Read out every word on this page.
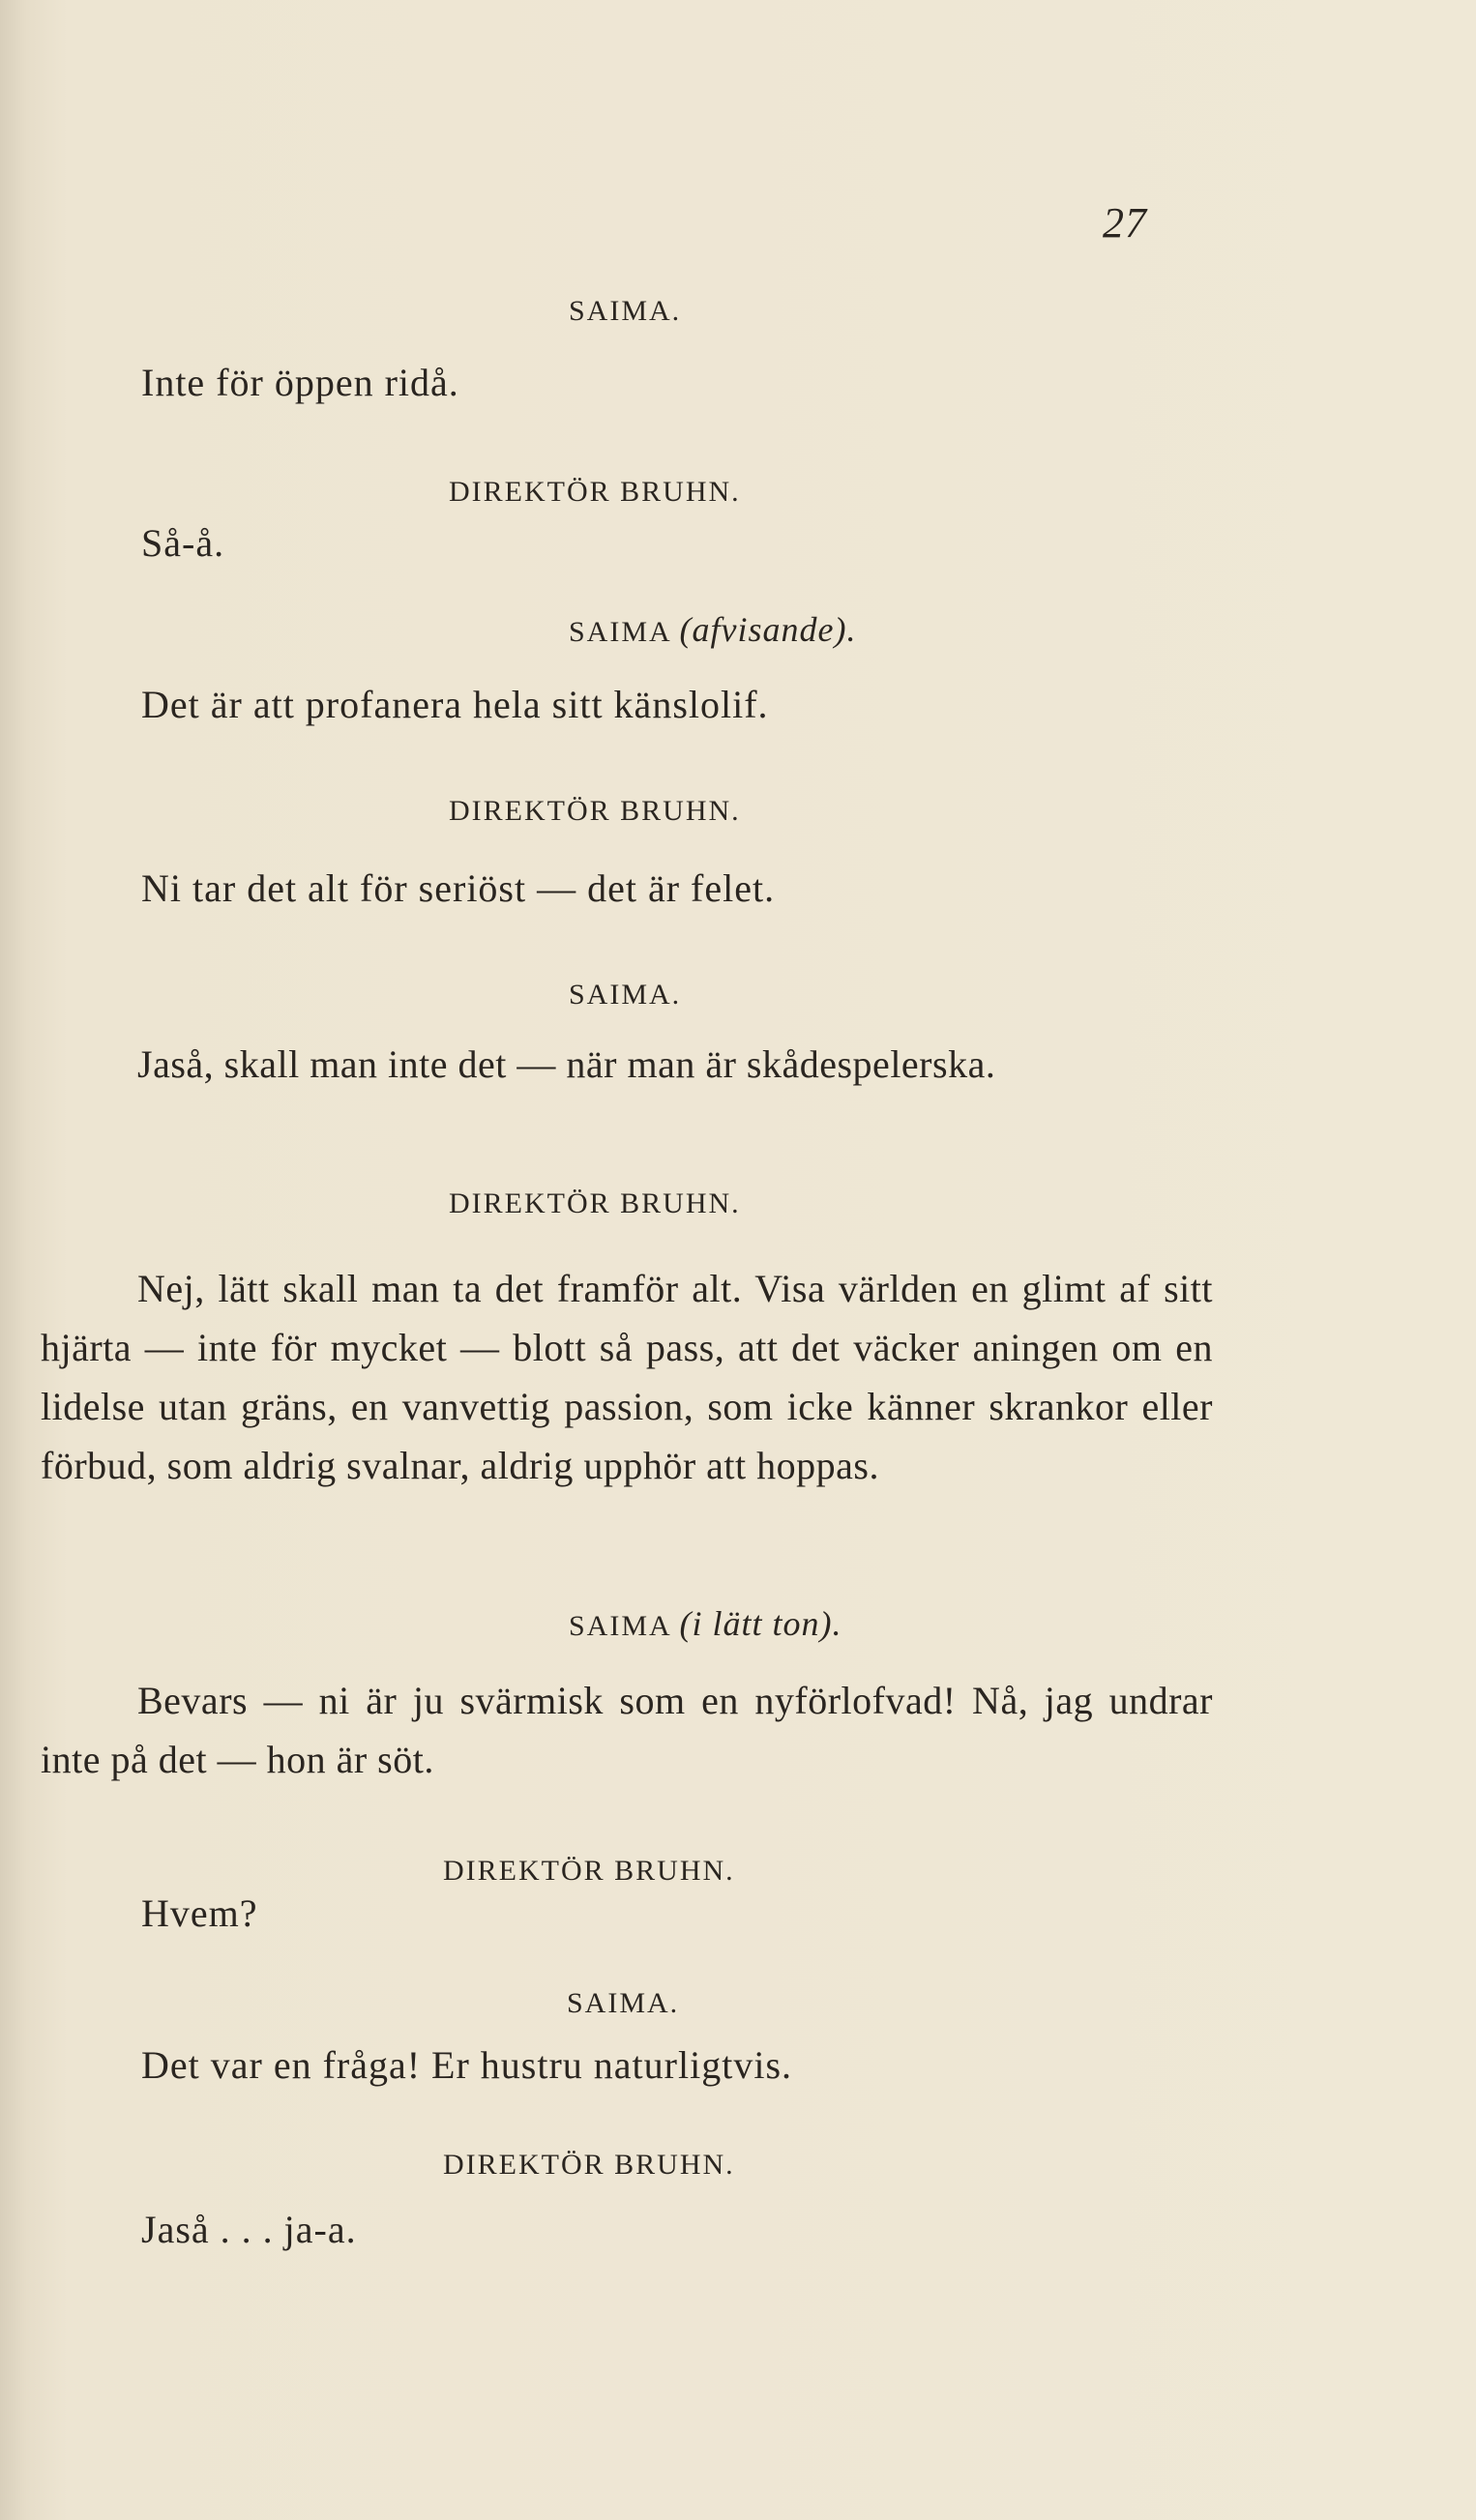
27
SAIMA.
Inte för öppen ridå.
DIREKTÖR BRUHN.
Så-å.
SAIMA (afvisande).
Det är att profanera hela sitt känslolif.
DIREKTÖR BRUHN.
Ni tar det alt för seriöst — det är felet.
SAIMA.
Jaså, skall man inte det — när man är skådespelerska.
DIREKTÖR BRUHN.
Nej, lätt skall man ta det framför alt. Visa världen en glimt af sitt hjärta — inte för mycket — blott så pass, att det väcker aningen om en lidelse utan gräns, en vanvettig passion, som icke känner skrankor eller förbud, som aldrig svalnar, aldrig upphör att hoppas.
SAIMA (i lätt ton).
Bevars — ni är ju svärmisk som en nyförlofvad! Nå, jag undrar inte på det — hon är söt.
DIREKTÖR BRUHN.
Hvem?
SAIMA.
Det var en fråga! Er hustru naturligtvis.
DIREKTÖR BRUHN.
Jaså . . . ja-a.
